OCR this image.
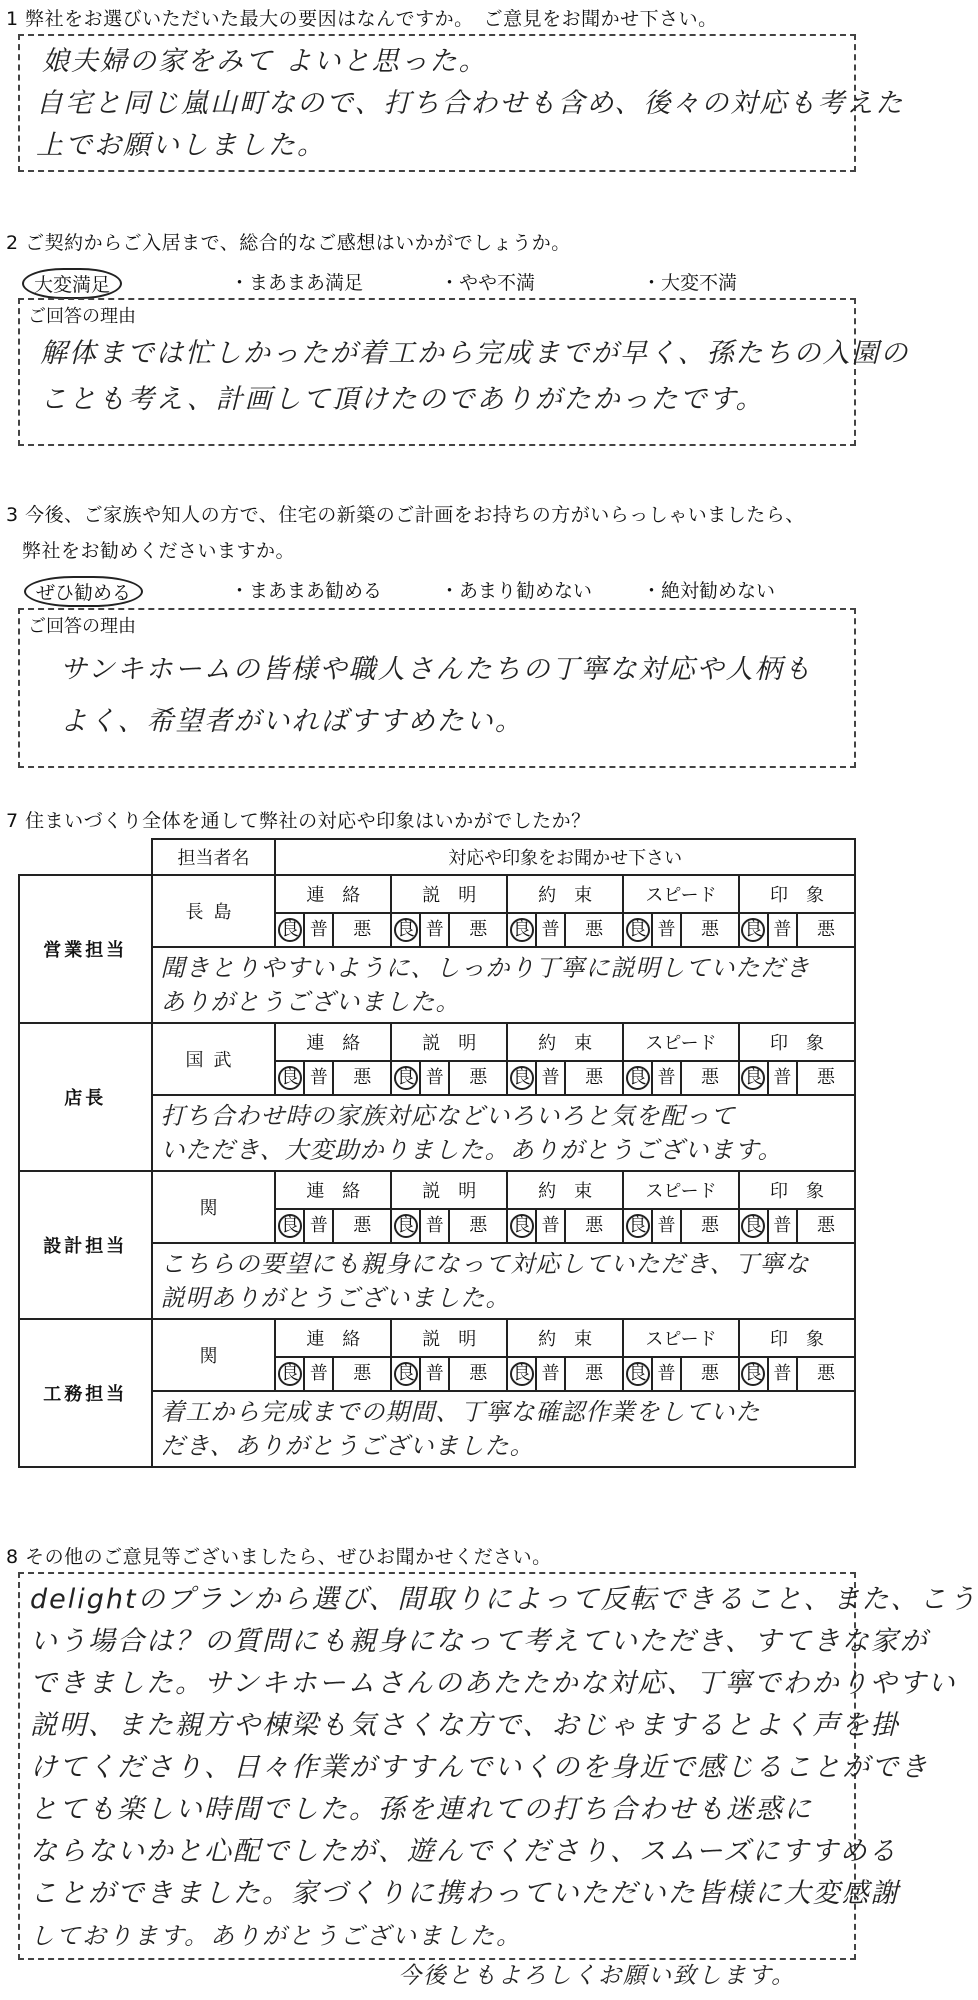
1 弊社をお選びいただいた最大の要因はなんですか。　ご意見をお聞かせ下さい。
娘夫婦の家をみて よいと思った。
自宅と同じ嵐山町なので、打ち合わせも含め、後々の対応も考えた
上でお願いしました。
2 ご契約からご入居まで、総合的なご感想はいかがでしょうか。
大変満足	・まあまあ満足	・やや不満	・大変不満
ご回答の理由
解体までは忙しかったが着工から完成までが早く、孫たちの入園の
ことも考え、計画して頂けたのでありがたかったです。
3 今後、ご家族や知人の方で、住宅の新築のご計画をお持ちの方がいらっしゃいましたら、
弊社をお勧めくださいますか。
ぜひ勧める	・まあまあ勧める	・あまり勧めない	・絶対勧めない
ご回答の理由
サンキホームの皆様や職人さんたちの丁寧な対応や人柄も
よく、希望者がいればすすめたい。
7 住まいづくり全体を通して弊社の対応や印象はいかがでしたか？
	担当者名	対応や印象をお聞かせ下さい														
営業担当	長島	連　絡			説　明			約　束			スピード			印　象		
		良	普	悪	良	普	悪	良	普	悪	良	普	悪	良	普	悪

	聞きとりやすいように、しっかり丁寧に説明していただき
ありがとうございました。															

店長	国武	連　絡			説　明			約　束			スピード			印　象		
		良	普	悪	良	普	悪	良	普	悪	良	普	悪	良	普	悪

	打ち合わせ時の家族対応などいろいろと気を配って
いただき、大変助かりました。ありがとうございます。															

設計担当	関	連　絡			説　明			約　束			スピード			印　象		
		良	普	悪	良	普	悪	良	普	悪	良	普	悪	良	普	悪

	こちらの要望にも親身になって対応していただき、丁寧な
説明ありがとうございました。															

工務担当	関	連　絡			説　明			約　束			スピード			印　象		
		良	普	悪	良	普	悪	良	普	悪	良	普	悪	良	普	悪

	着工から完成までの期間、丁寧な確認作業をしていた
だき、ありがとうございました。															
8 その他のご意見等ございましたら、ぜひお聞かせください。
delightのプランから選び、間取りによって反転できること、また、こう
いう場合は？の質問にも親身になって考えていただき、すてきな家が
できました。サンキホームさんのあたたかな対応、丁寧でわかりやすい
説明、また親方や棟梁も気さくな方で、おじゃまするとよく声を掛
けてくださり、日々作業がすすんでいくのを身近で感じることができ
とても楽しい時間でした。孫を連れての打ち合わせも迷惑に
ならないかと心配でしたが、遊んでくださり、スムーズにすすめる
ことができました。家づくりに携わっていただいた皆様に大変感謝
しております。ありがとうございました。
今後ともよろしくお願い致します。
